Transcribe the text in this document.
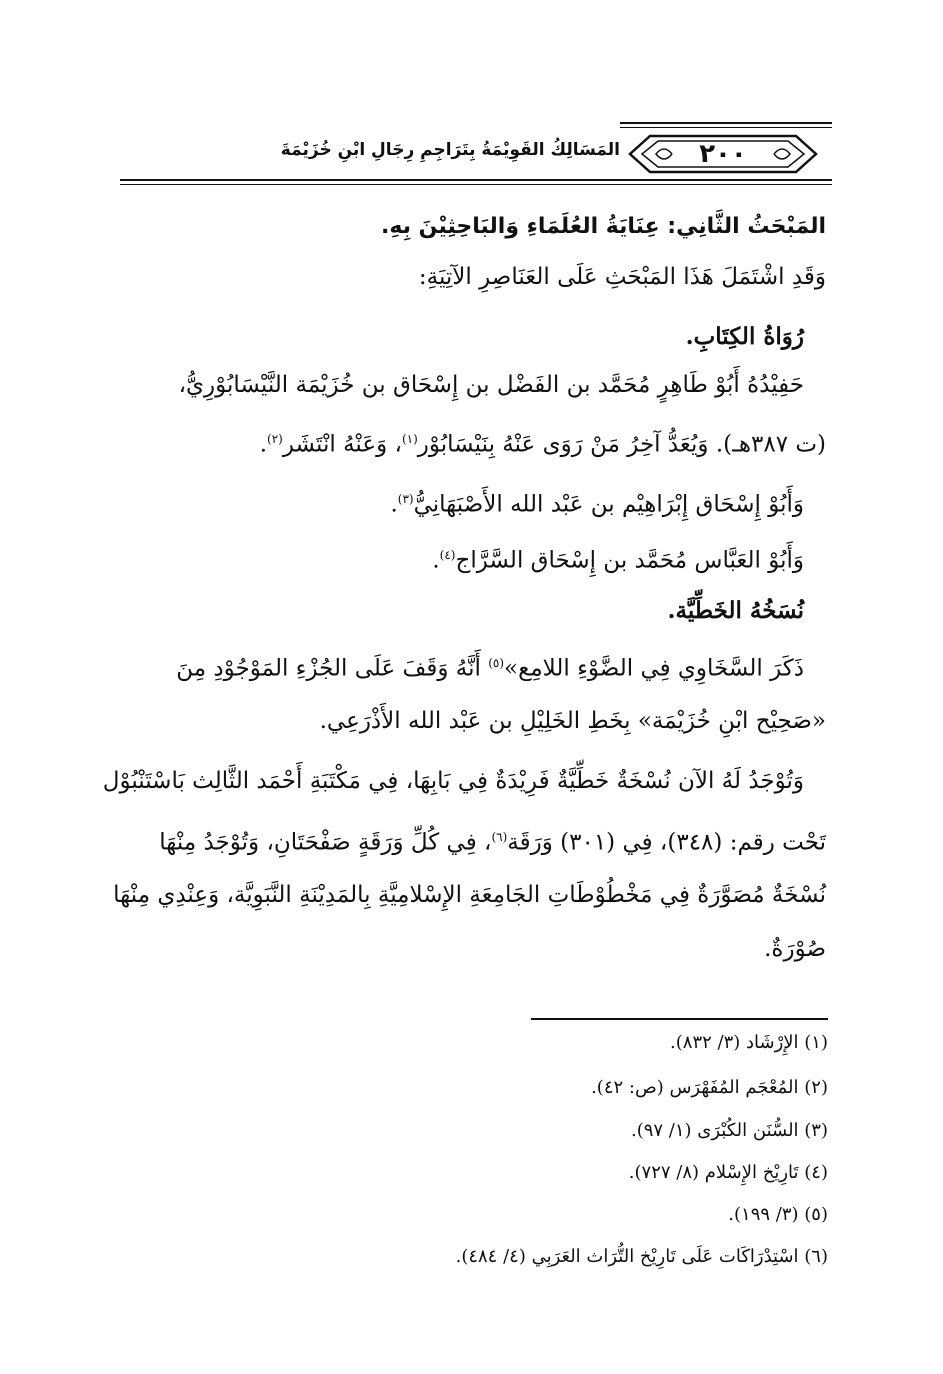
٢٠٠
المَسَالِكُ القَوِيْمَةُ بِتَرَاجِمِ رِجَالِ ابْنِ خُزَيْمَةَ

المَبْحَثُ الثَّانِي: عِنَايَةُ العُلَمَاءِ وَالبَاحِثِيْنَ بِهِ.

وَقَدِ اشْتَمَلَ هَذَا المَبْحَثِ عَلَى العَنَاصِرِ الآتِيَةِ:

رُوَاةُ الكِتَابِ.

حَفِيْدُهُ أَبُوْ طَاهِرٍ مُحَمَّد بن الفَضْل بن إِسْحَاق بن خُزَيْمَة النَّيْسَابُوْرِيُّ،

(ت ٣٨٧هـ). وَيُعَدُّ آخِرُ مَنْ رَوَى عَنْهُ بِنَيْسَابُوْر$^{(١)}$، وَعَنْهُ انْتَشَر$^{(٢)}$.

وَأَبُوْ إِسْحَاق إِبْرَاهِيْم بن عَبْد الله الأَصْبَهَانِيُّ$^{(٣)}$.

وَأَبُوْ العَبَّاس مُحَمَّد بن إِسْحَاق السَّرَّاج$^{(٤)}$.

نُسَخُهُ الخَطِّيَّة.

ذَكَرَ السَّخَاوِي فِي الضَّوْءِ اللامِع»$^{(٥)}$ أَنَّهُ وَقَفَ عَلَى الجُزْءِ المَوْجُوْدِ مِنَ

«صَحِيْح ابْنِ خُزَيْمَة» بِخَطِ الخَلِيْلِ بن عَبْد الله الأَذْرَعِي.

وَتُوْجَدُ لَهُ الآن نُسْخَةٌ خَطِّيَّةٌ فَرِيْدَةٌ فِي بَابِهَا، فِي مَكْتَبَةِ أَحْمَد الثَّالِث بَاسْتَنْبُوْل

تَحْت رقم: (٣٤٨)، فِي (٣٠١) وَرَقَة$^{(٦)}$، فِي كُلِّ وَرَقَةٍ صَفْحَتَانِ، وَتُوْجَدُ مِنْهَا

نُسْخَةٌ مُصَوَّرَةٌ فِي مَخْطُوْطَاتِ الجَامِعَةِ الإِسْلامِيَّةِ بِالمَدِيْنَةِ النَّبَوِيَّة، وَعِنْدِي مِنْهَا

صُوْرَةٌ.

(١) الإِرْشَاد (٣/ ٨٣٢).
(٢) المُعْجَم المُفَهْرَس (ص: ٤٢).
(٣) السُّنَن الكُبْرَى (١/ ٩٧).
(٤) تَارِيْخ الإِسْلام (٨/ ٧٢٧).
(٥) (٣/ ١٩٩).
(٦) اسْتِدْرَاكَات عَلَى تَارِيْخ التُّرَاث العَرَبِي (٤/ ٤٨٤).
